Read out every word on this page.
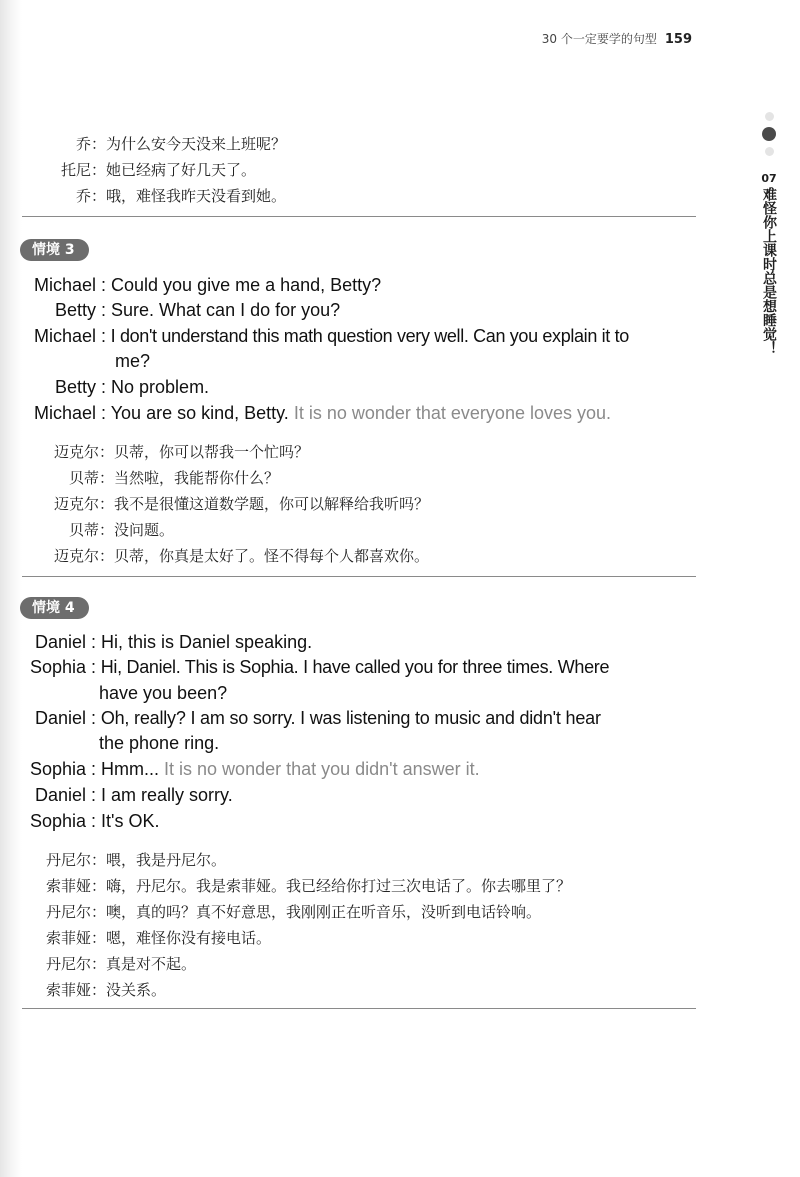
30 个一定要学的句型 159
07
难怪你上课时总是想睡觉！
乔：为什么安今天没来上班呢？
托尼：她已经病了好几天了。
乔：哦，难怪我昨天没看到她。
情境 3
Michael : Could you give me a hand, Betty?
Betty : Sure. What can I do for you?
Michael : I don't understand this math question very well. Can you explain it to
me?
Betty : No problem.
Michael : You are so kind, Betty. It is no wonder that everyone loves you.
迈克尔：贝蒂，你可以帮我一个忙吗？
贝蒂：当然啦，我能帮你什么？
迈克尔：我不是很懂这道数学题，你可以解释给我听吗？
贝蒂：没问题。
迈克尔：贝蒂，你真是太好了。怪不得每个人都喜欢你。
情境 4
Daniel : Hi, this is Daniel speaking.
Sophia : Hi, Daniel. This is Sophia. I have called you for three times. Where
have you been?
Daniel : Oh, really? I am so sorry. I was listening to music and didn't hear
the phone ring.
Sophia : Hmm... It is no wonder that you didn't answer it.
Daniel : I am really sorry.
Sophia : It's OK.
丹尼尔：喂，我是丹尼尔。
索菲娅：嗨，丹尼尔。我是索菲娅。我已经给你打过三次电话了。你去哪里了？
丹尼尔：噢，真的吗？真不好意思，我刚刚正在听音乐，没听到电话铃响。
索菲娅：嗯，难怪你没有接电话。
丹尼尔：真是对不起。
索菲娅：没关系。
